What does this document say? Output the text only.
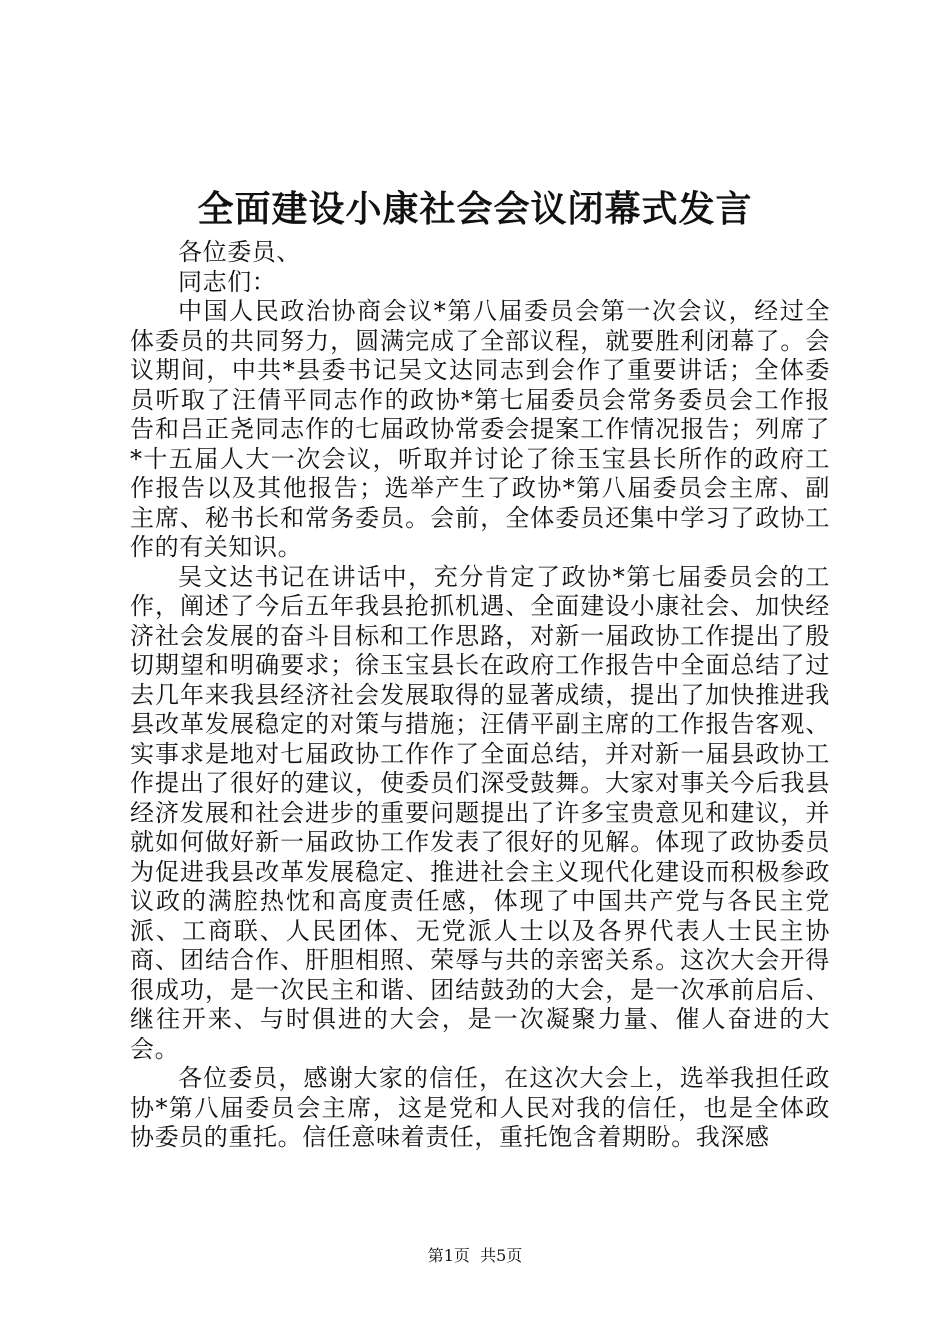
全面建设小康社会会议闭幕式发言

各位委员、

同志们：

中国人民政治协商会议*第八届委员会第一次会议，经过全体委员的共同努力，圆满完成了全部议程，就要胜利闭幕了。会议期间，中共*县委书记吴文达同志到会作了重要讲话；全体委员听取了汪倩平同志作的政协*第七届委员会常务委员会工作报告和吕正尧同志作的七届政协常委会提案工作情况报告；列席了*十五届人大一次会议，听取并讨论了徐玉宝县长所作的政府工作报告以及其他报告；选举产生了政协*第八届委员会主席、副主席、秘书长和常务委员。会前，全体委员还集中学习了政协工作的有关知识。

吴文达书记在讲话中，充分肯定了政协*第七届委员会的工作，阐述了今后五年我县抢抓机遇、全面建设小康社会、加快经济社会发展的奋斗目标和工作思路，对新一届政协工作提出了殷切期望和明确要求；徐玉宝县长在政府工作报告中全面总结了过去几年来我县经济社会发展取得的显著成绩，提出了加快推进我县改革发展稳定的对策与措施；汪倩平副主席的工作报告客观、实事求是地对七届政协工作作了全面总结，并对新一届县政协工作提出了很好的建议，使委员们深受鼓舞。大家对事关今后我县经济发展和社会进步的重要问题提出了许多宝贵意见和建议，并就如何做好新一届政协工作发表了很好的见解。体现了政协委员为促进我县改革发展稳定、推进社会主义现代化建设而积极参政议政的满腔热忱和高度责任感，体现了中国共产党与各民主党派、工商联、人民团体、无党派人士以及各界代表人士民主协商、团结合作、肝胆相照、荣辱与共的亲密关系。这次大会开得很成功，是一次民主和谐、团结鼓劲的大会，是一次承前启后、继往开来、与时俱进的大会，是一次凝聚力量、催人奋进的大会。

各位委员，感谢大家的信任，在这次大会上，选举我担任政协*第八届委员会主席，这是党和人民对我的信任，也是全体政协委员的重托。信任意味着责任，重托饱含着期盼。我深感

第1页  共5页
